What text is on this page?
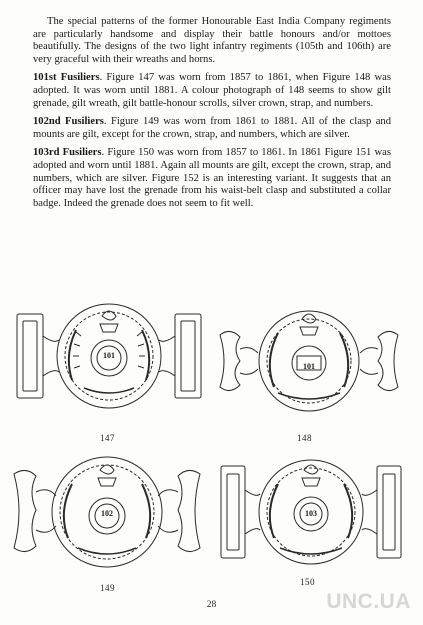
The special patterns of the former Honourable East India Company regiments are particularly handsome and display their battle honours and/or mottoes beautifully. The designs of the two light infantry regiments (105th and 106th) are very graceful with their wreaths and horns.

101st Fusiliers. Figure 147 was worn from 1857 to 1861, when Figure 148 was adopted. It was worn until 1881. A colour photograph of 148 seems to show gilt grenade, gilt wreath, gilt battle-honour scrolls, silver crown, strap, and numbers.

102nd Fusiliers. Figure 149 was worn from 1861 to 1881. All of the clasp and mounts are gilt, except for the crown, strap, and numbers, which are silver.

103rd Fusiliers. Figure 150 was worn from 1857 to 1861. In 1861 Figure 151 was adopted and worn until 1881. Again all mounts are gilt, except the crown, strap, and numbers, which are silver. Figure 152 is an interesting variant. It suggests that an officer may have lost the grenade from his waist-belt clasp and substituted a collar badge. Indeed the grenade does not seem to fit well.

101
147
101
148
102
149
103
150
28	UNC.UA
